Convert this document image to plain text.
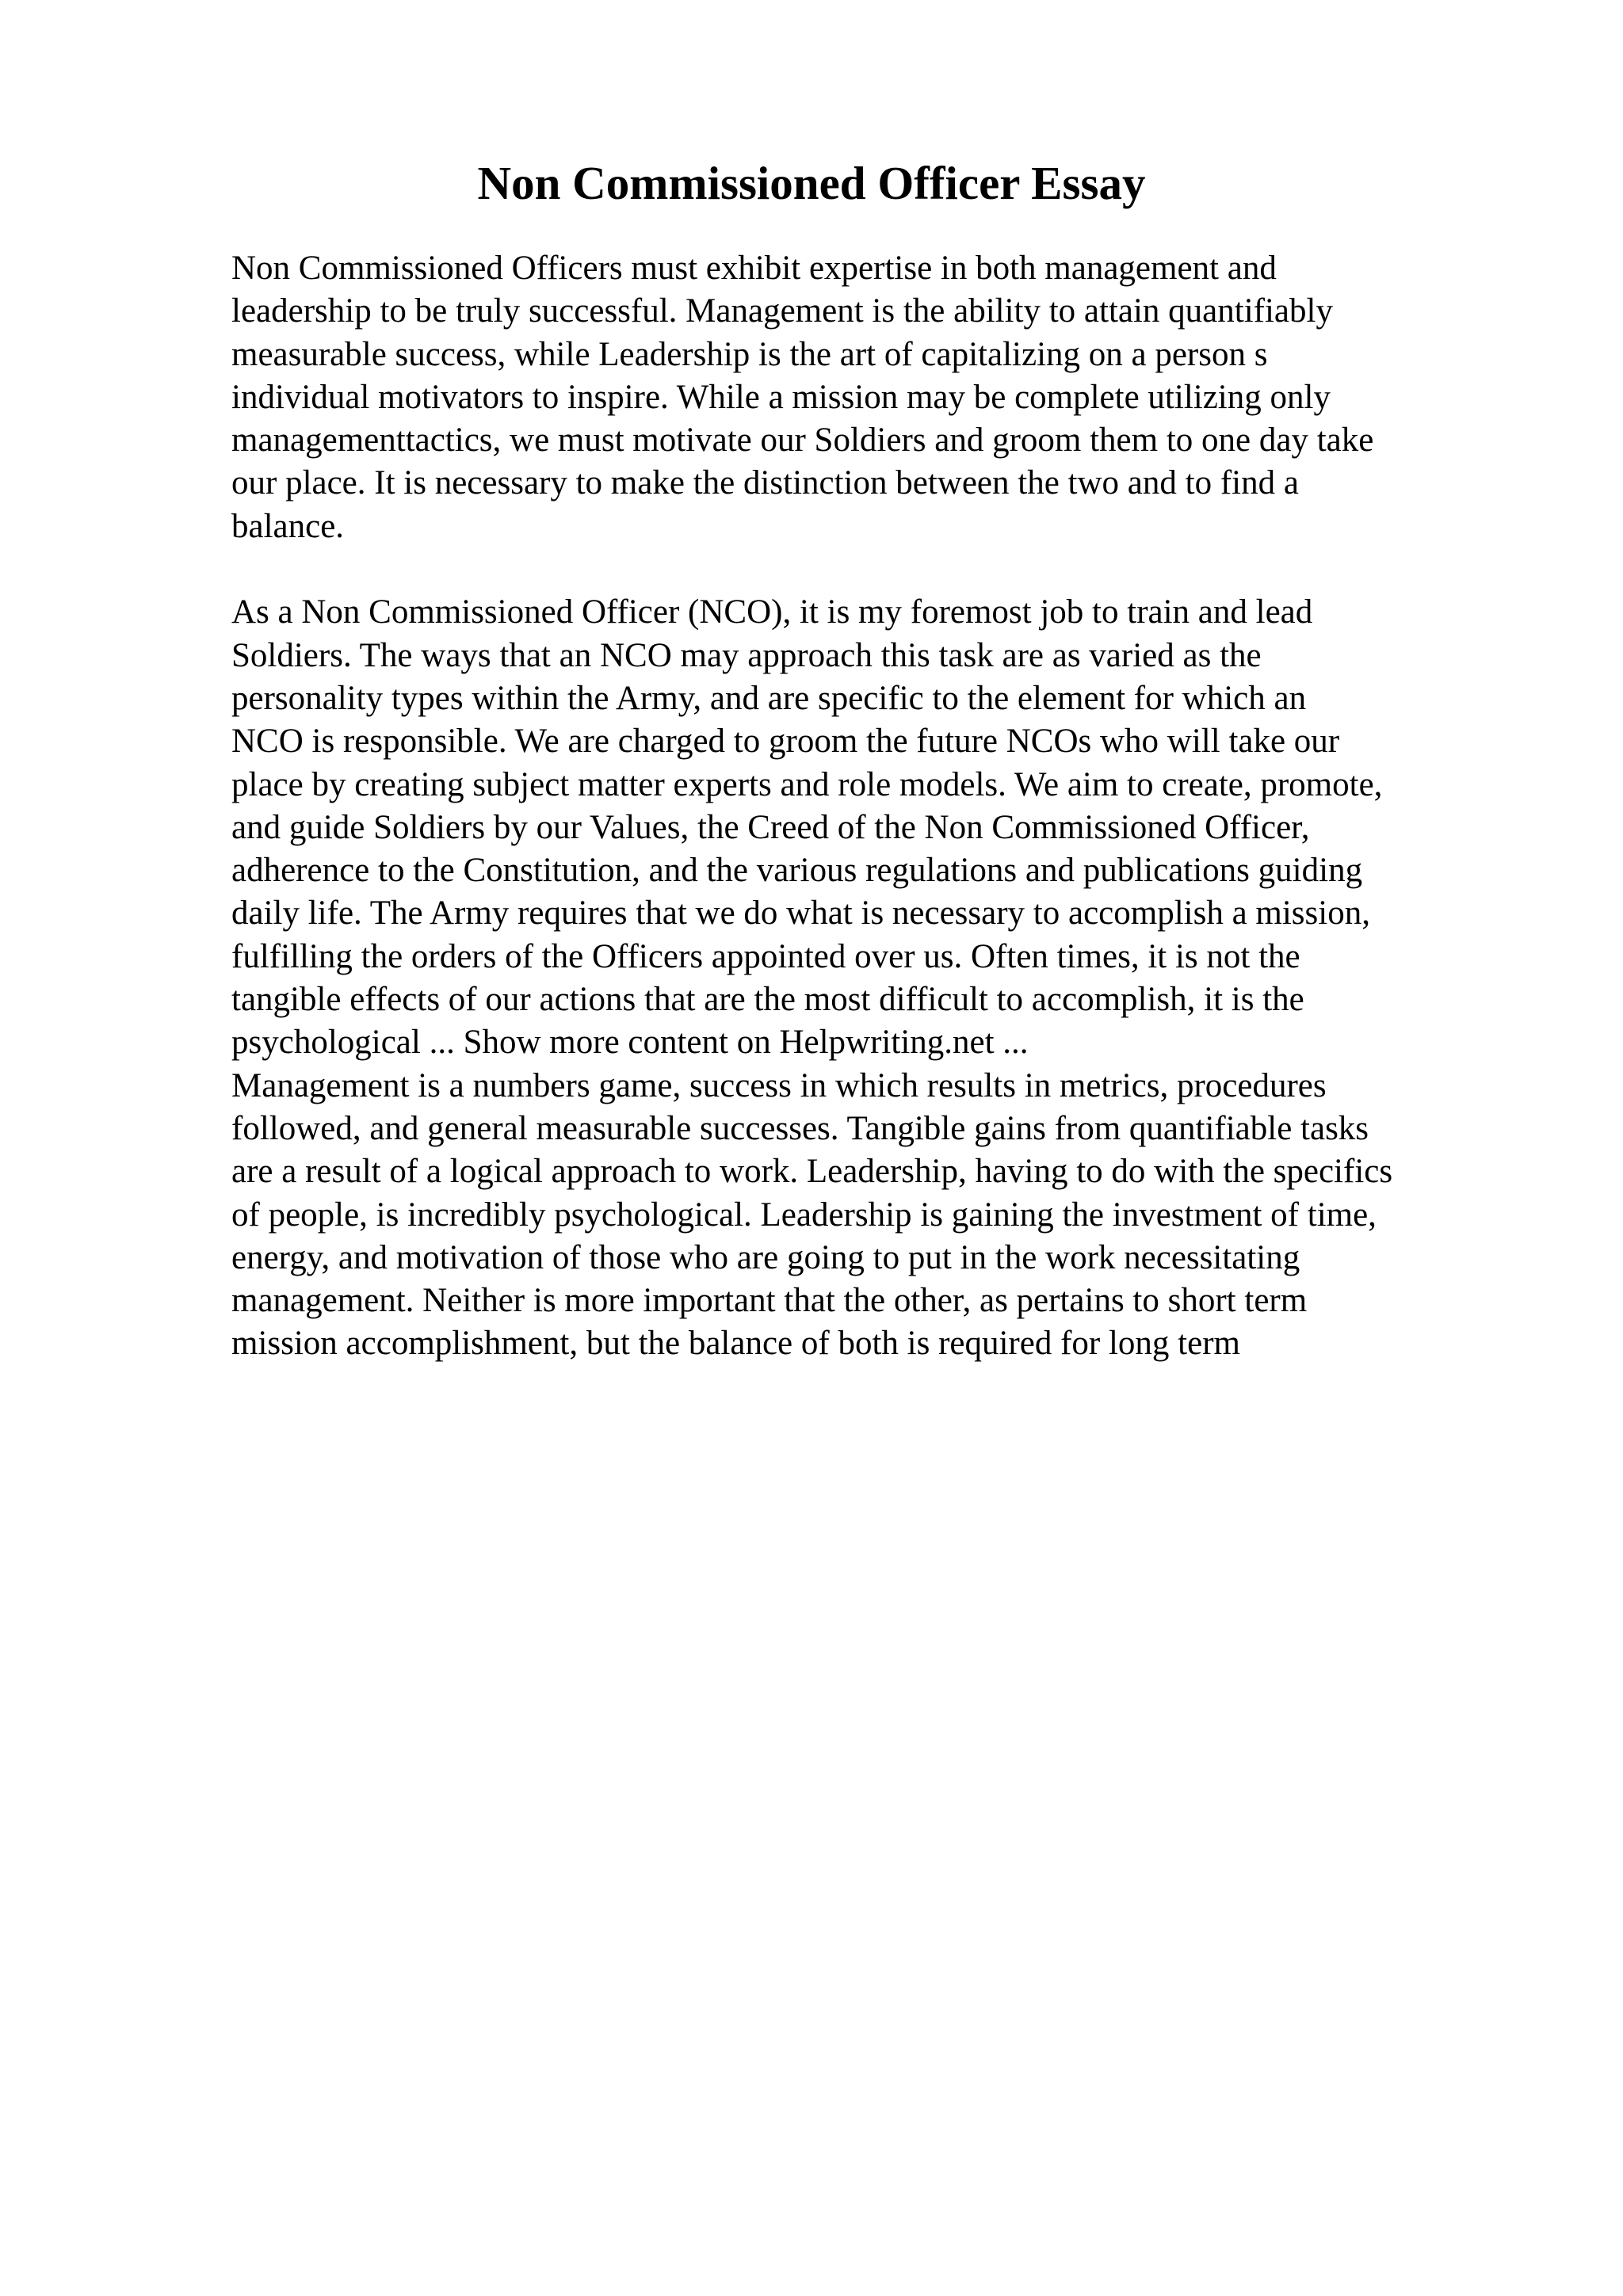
Non Commissioned Officer Essay
Non Commissioned Officers must exhibit expertise in both management and
leadership to be truly successful. Management is the ability to attain quantifiably
measurable success, while Leadership is the art of capitalizing on a person s
individual motivators to inspire. While a mission may be complete utilizing only
managementtactics, we must motivate our Soldiers and groom them to one day take
our place. It is necessary to make the distinction between the two and to find a
balance.
As a Non Commissioned Officer (NCO), it is my foremost job to train and lead
Soldiers. The ways that an NCO may approach this task are as varied as the
personality types within the Army, and are specific to the element for which an
NCO is responsible. We are charged to groom the future NCOs who will take our
place by creating subject matter experts and role models. We aim to create, promote,
and guide Soldiers by our Values, the Creed of the Non Commissioned Officer,
adherence to the Constitution, and the various regulations and publications guiding
daily life. The Army requires that we do what is necessary to accomplish a mission,
fulfilling the orders of the Officers appointed over us. Often times, it is not the
tangible effects of our actions that are the most difficult to accomplish, it is the
psychological ... Show more content on Helpwriting.net ...
Management is a numbers game, success in which results in metrics, procedures
followed, and general measurable successes. Tangible gains from quantifiable tasks
are a result of a logical approach to work. Leadership, having to do with the specifics
of people, is incredibly psychological. Leadership is gaining the investment of time,
energy, and motivation of those who are going to put in the work necessitating
management. Neither is more important that the other, as pertains to short term
mission accomplishment, but the balance of both is required for long term
